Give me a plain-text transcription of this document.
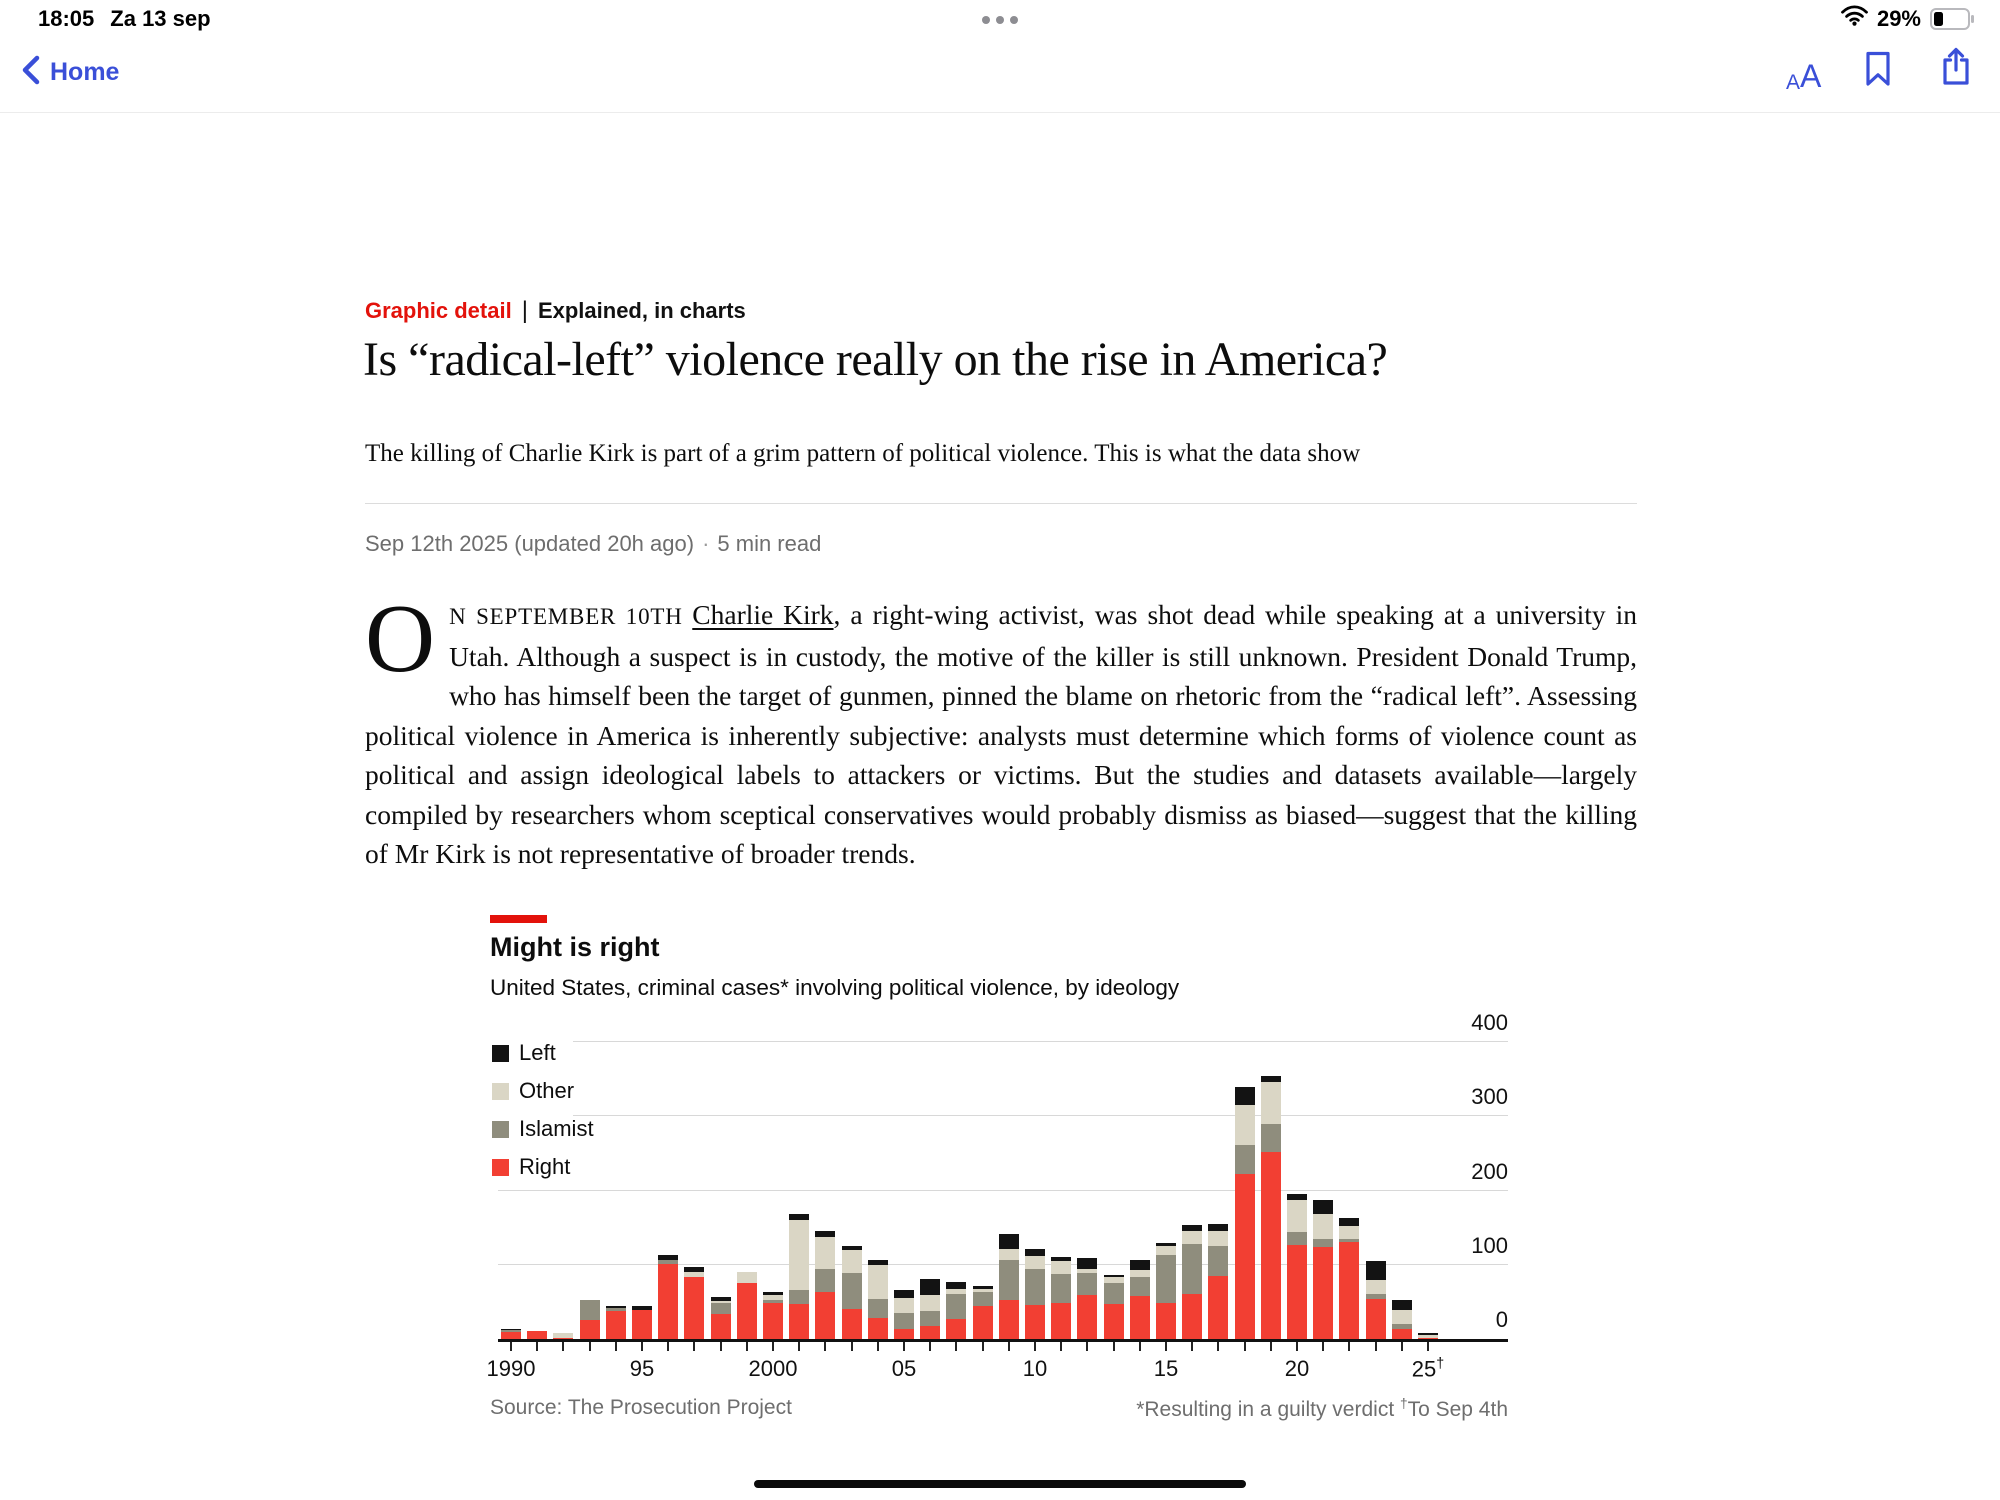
18:05 Za 13 sep	29%
Home	A A
Graphic detail | Explained, in charts
Is “radical-left” violence really on the rise in America?
The killing of Charlie Kirk is part of a grim pattern of political violence. This is what the data show
Sep 12th 2025 (updated 20h ago) · 5 min read
O N SEPTEMBER 10TH Charlie Kirk, a right-wing activist, was shot dead while speaking at a university in Utah. Although a suspect is in custody, the motive of the killer is still unknown. President Donald Trump, who has himself been the target of gunmen, pinned the blame on rhetoric from the “radical left”. Assessing political violence in America is inherently subjective: analysts must determine which forms of violence count as political and assign ideological labels to attackers or victims. But the studies and datasets available—largely compiled by researchers whom sceptical conservatives would probably dismiss as biased—suggest that the killing of Mr Kirk is not representative of broader trends.
Might is right
United States, criminal cases* involving political violence, by ideology
0
100
200
300
400
1990	95	2000	05	10	15	20	25†
Left
Other
Islamist
Right
Source: The Prosecution Project	*Resulting in a guilty verdict †To Sep 4th
